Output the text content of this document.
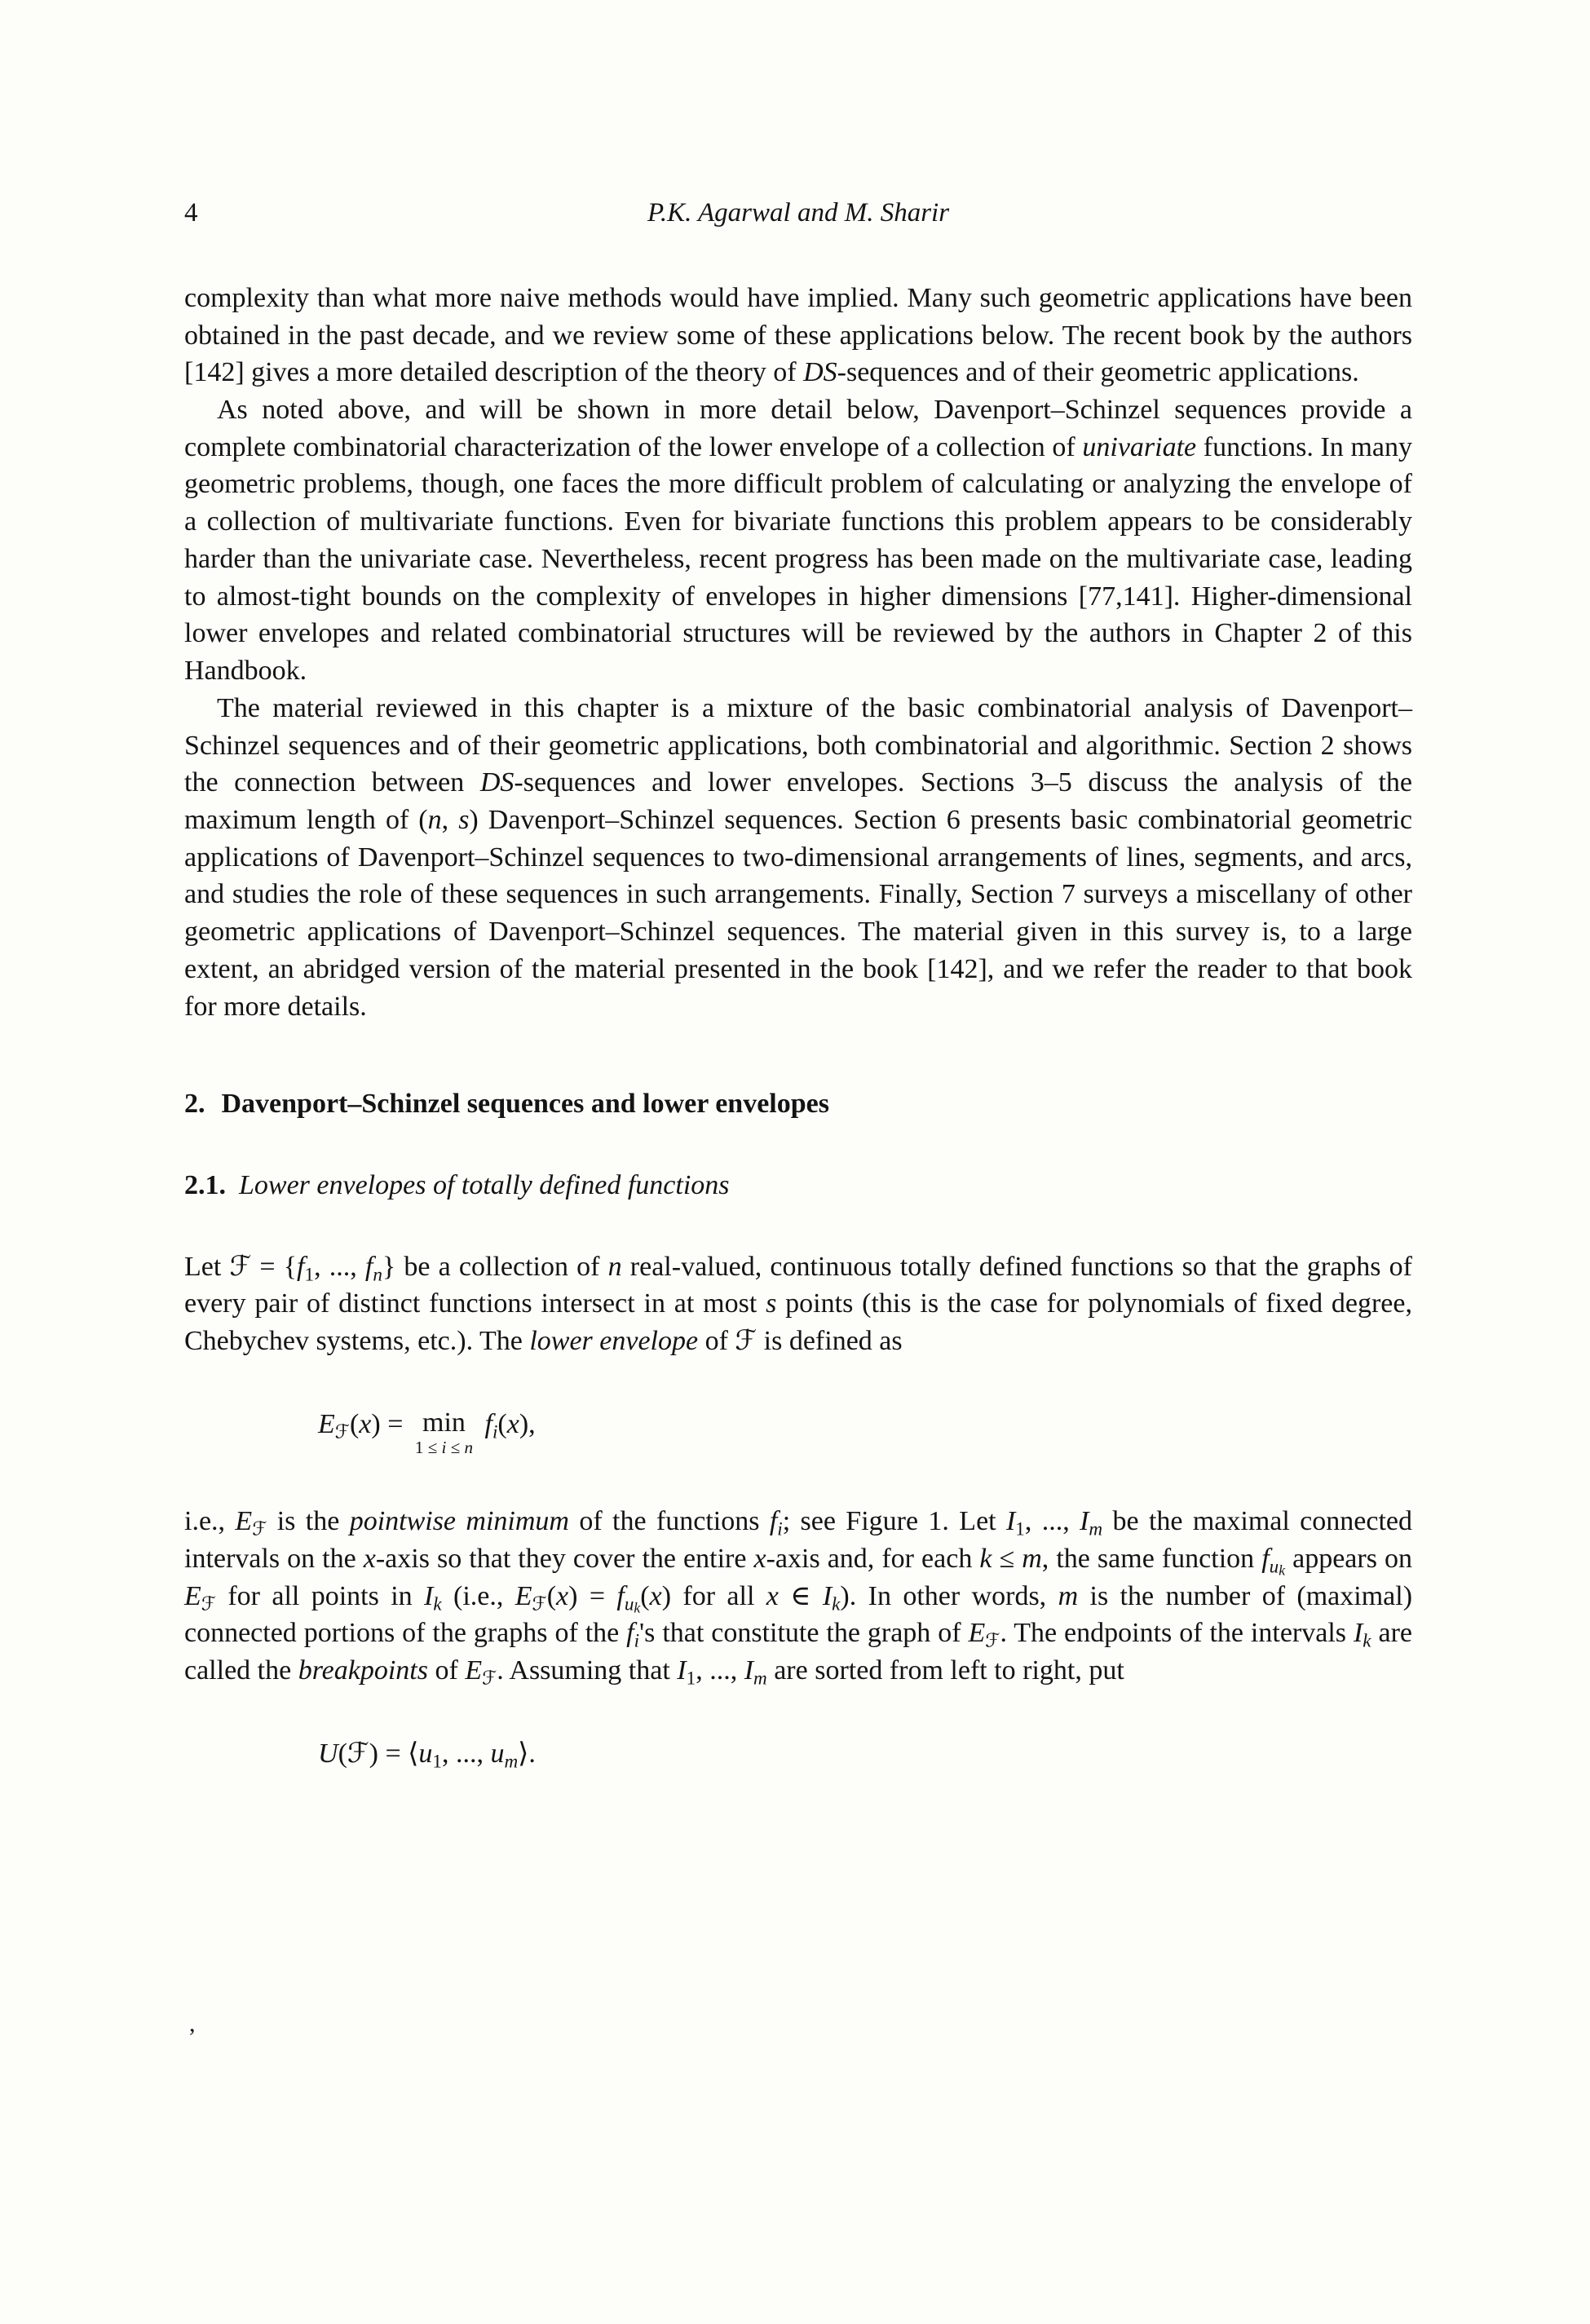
4	P.K. Agarwal and M. Sharir

complexity than what more naive methods would have implied. Many such geometric applications have been obtained in the past decade, and we review some of these applications below. The recent book by the authors [142] gives a more detailed description of the theory of DS-sequences and of their geometric applications.

As noted above, and will be shown in more detail below, Davenport–Schinzel sequences provide a complete combinatorial characterization of the lower envelope of a collection of univariate functions. In many geometric problems, though, one faces the more difficult problem of calculating or analyzing the envelope of a collection of multivariate functions. Even for bivariate functions this problem appears to be considerably harder than the univariate case. Nevertheless, recent progress has been made on the multivariate case, leading to almost-tight bounds on the complexity of envelopes in higher dimensions [77,141]. Higher-dimensional lower envelopes and related combinatorial structures will be reviewed by the authors in Chapter 2 of this Handbook.

The material reviewed in this chapter is a mixture of the basic combinatorial analysis of Davenport–Schinzel sequences and of their geometric applications, both combinatorial and algorithmic. Section 2 shows the connection between DS-sequences and lower envelopes. Sections 3–5 discuss the analysis of the maximum length of (n, s) Davenport–Schinzel sequences. Section 6 presents basic combinatorial geometric applications of Davenport–Schinzel sequences to two-dimensional arrangements of lines, segments, and arcs, and studies the role of these sequences in such arrangements. Finally, Section 7 surveys a miscellany of other geometric applications of Davenport–Schinzel sequences. The material given in this survey is, to a large extent, an abridged version of the material presented in the book [142], and we refer the reader to that book for more details.

2. Davenport–Schinzel sequences and lower envelopes
2.1. Lower envelopes of totally defined functions

Let ℱ = {$f_1$, ..., $f_n$} be a collection of n real-valued, continuous totally defined functions so that the graphs of every pair of distinct functions intersect in at most s points (this is the case for polynomials of fixed degree, Chebychev systems, etc.). The lower envelope of ℱ is defined as

$E_ℱ(x) = \min$
1 ≤ i ≤ n
$f_i(x)$,

i.e., $E_ℱ$ is the pointwise minimum of the functions $f_i$; see Figure 1. Let $I_1$, ..., $I_m$ be the maximal connected intervals on the x-axis so that they cover the entire x-axis and, for each k ≤ m, the same function $f_{uk}$ appears on $E_ℱ$ for all points in $I_k$ (i.e., $E_ℱ(x) = f_{uk}(x)$ for all x ∈ $I_k$). In other words, m is the number of (maximal) connected portions of the graphs of the $f_i's$ that constitute the graph of $E_ℱ$. The endpoints of the intervals $I_k$ are called the breakpoints of $E_ℱ$. Assuming that $I_1$, ..., $I_m$ are sorted from left to right, put

U(ℱ) = $⟨u_1$, ..., $u_m⟩$.
,
